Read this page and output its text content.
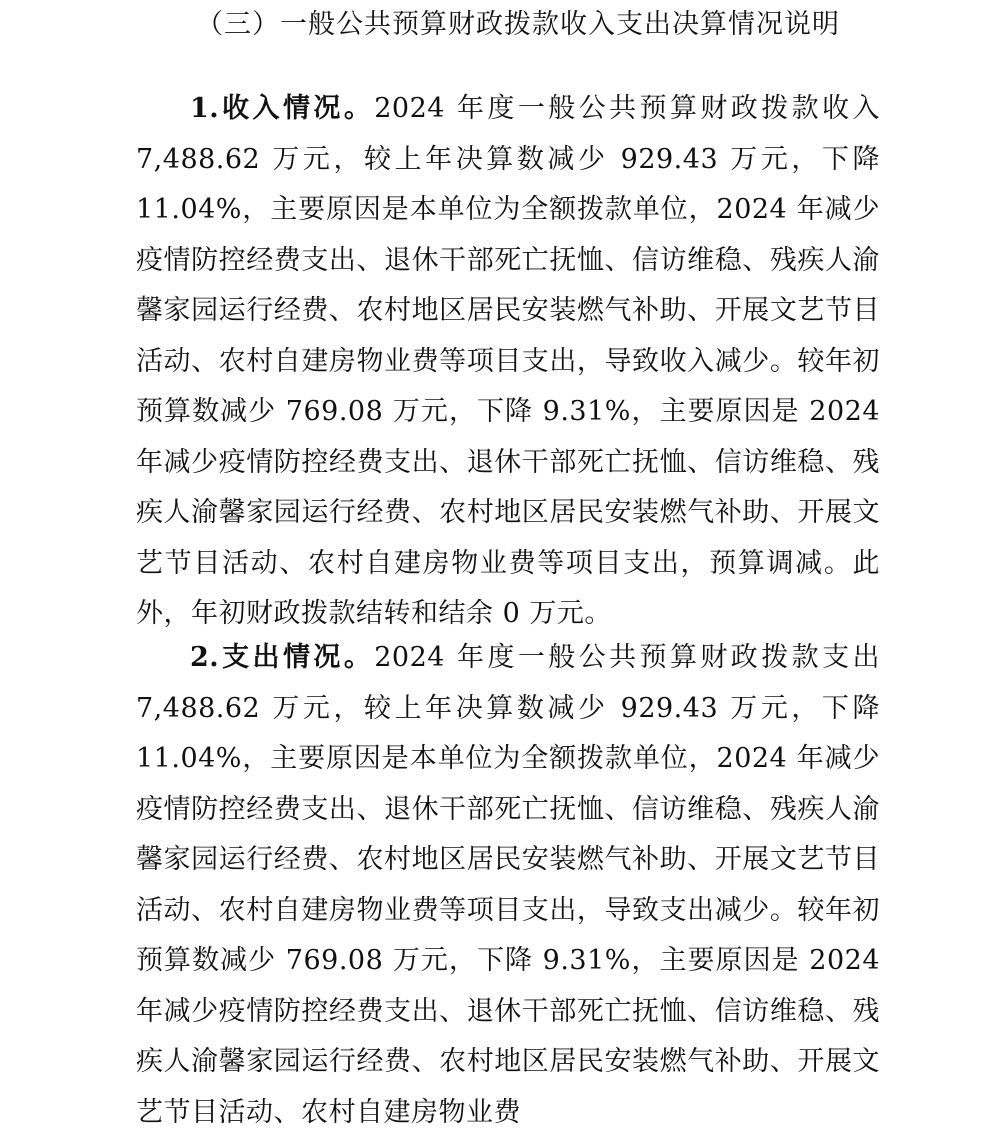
（三）一般公共预算财政拨款收入支出决算情况说明

1.收入情况。2024 年度一般公共预算财政拨款收入 7,488.62 万元，较上年决算数减少 929.43 万元，下降 11.04%，主要原因是本单位为全额拨款单位，2024 年减少疫情防控经费支出、退休干部死亡抚恤、信访维稳、残疾人渝馨家园运行经费、农村地区居民安装燃气补助、开展文艺节目活动、农村自建房物业费等项目支出，导致收入减少。较年初预算数减少 769.08 万元，下降 9.31%，主要原因是 2024 年减少疫情防控经费支出、退休干部死亡抚恤、信访维稳、残疾人渝馨家园运行经费、农村地区居民安装燃气补助、开展文艺节目活动、农村自建房物业费等项目支出，预算调减。此外，年初财政拨款结转和结余 0 万元。

2.支出情况。2024 年度一般公共预算财政拨款支出 7,488.62 万元，较上年决算数减少 929.43 万元，下降 11.04%，主要原因是本单位为全额拨款单位，2024 年减少疫情防控经费支出、退休干部死亡抚恤、信访维稳、残疾人渝馨家园运行经费、农村地区居民安装燃气补助、开展文艺节目活动、农村自建房物业费等项目支出，导致支出减少。较年初预算数减少 769.08 万元，下降 9.31%，主要原因是 2024 年减少疫情防控经费支出、退休干部死亡抚恤、信访维稳、残疾人渝馨家园运行经费、农村地区居民安装燃气补助、开展文艺节目活动、农村自建房物业费
